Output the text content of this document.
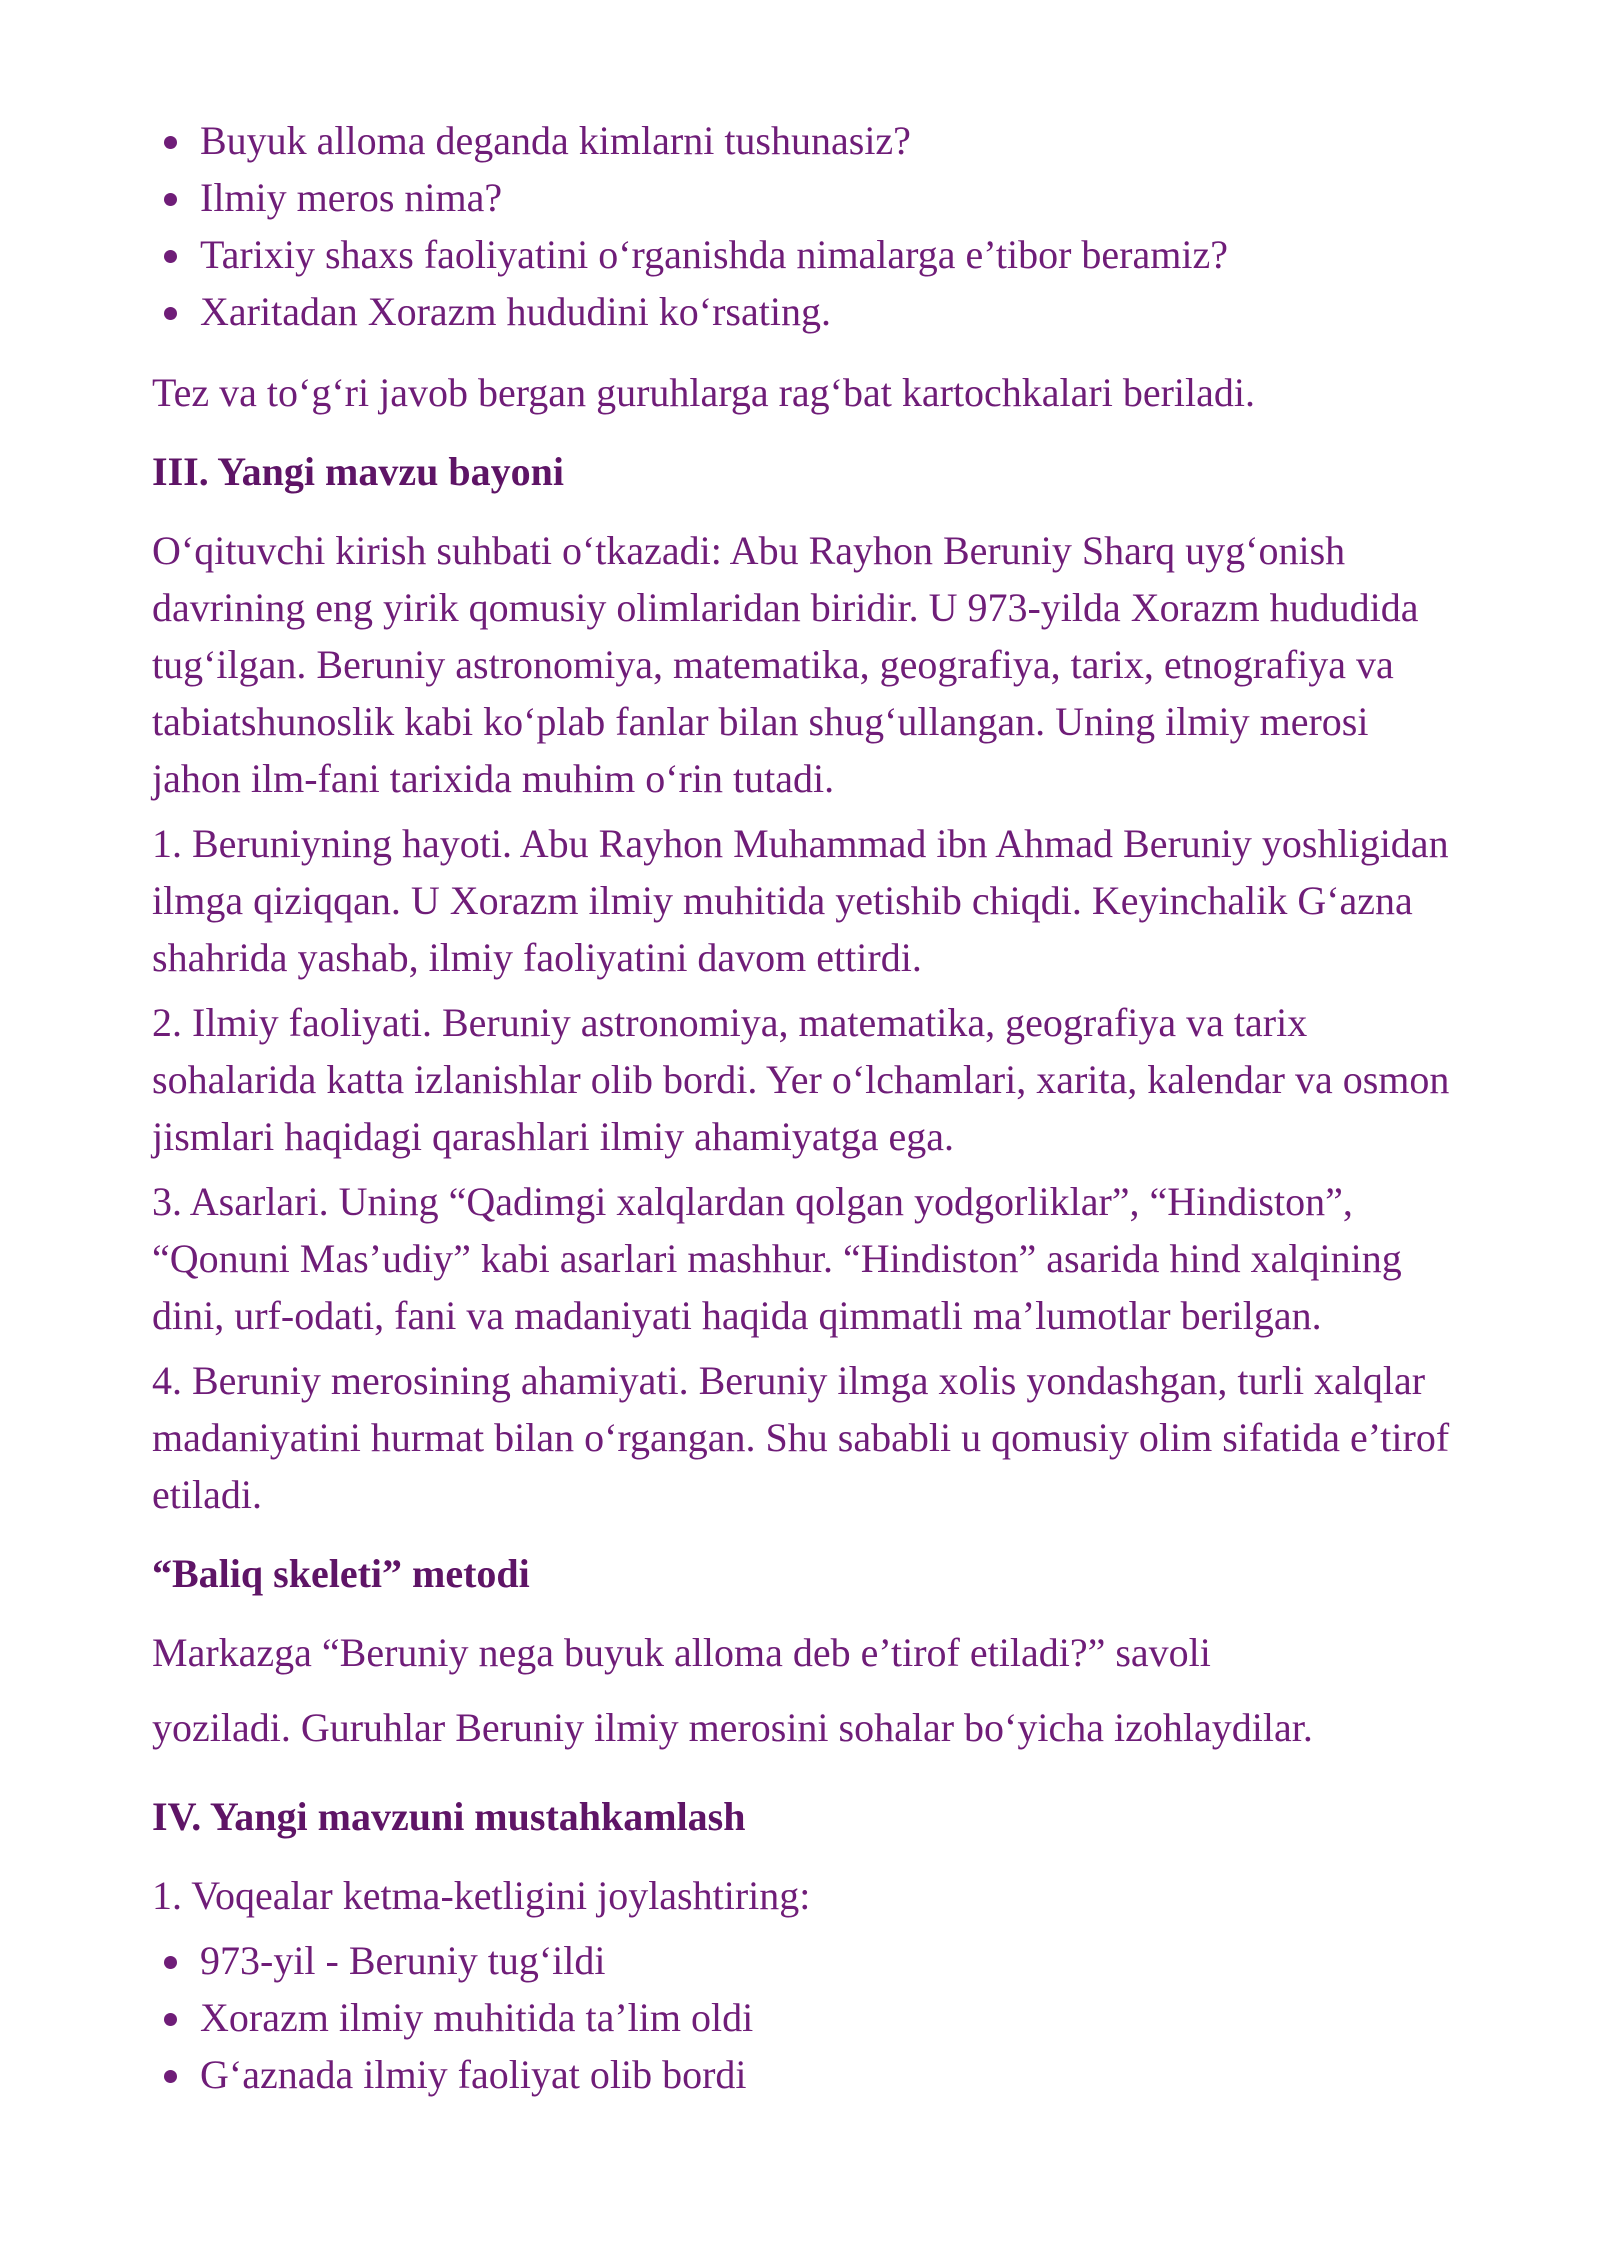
Buyuk alloma deganda kimlarni tushunasiz?
Ilmiy meros nima?
Tarixiy shaxs faoliyatini o‘rganishda nimalarga e’tibor beramiz?
Xaritadan Xorazm hududini ko‘rsating.

Tez va to‘g‘ri javob bergan guruhlarga rag‘bat kartochkalari beriladi.

III. Yangi mavzu bayoni

O‘qituvchi kirish suhbati o‘tkazadi: Abu Rayhon Beruniy Sharq uyg‘onish davrining eng yirik qomusiy olimlaridan biridir. U 973-yilda Xorazm hududida tug‘ilgan. Beruniy astronomiya, matematika, geografiya, tarix, etnografiya va tabiatshunoslik kabi ko‘plab fanlar bilan shug‘ullangan. Uning ilmiy merosi jahon ilm-fani tarixida muhim o‘rin tutadi.

1. Beruniyning hayoti. Abu Rayhon Muhammad ibn Ahmad Beruniy yoshligidan ilmga qiziqqan. U Xorazm ilmiy muhitida yetishib chiqdi. Keyinchalik G‘azna shahrida yashab, ilmiy faoliyatini davom ettirdi.

2. Ilmiy faoliyati. Beruniy astronomiya, matematika, geografiya va tarix sohalarida katta izlanishlar olib bordi. Yer o‘lchamlari, xarita, kalendar va osmon jismlari haqidagi qarashlari ilmiy ahamiyatga ega.

3. Asarlari. Uning “Qadimgi xalqlardan qolgan yodgorliklar”, “Hindiston”, “Qonuni Mas’udiy” kabi asarlari mashhur. “Hindiston” asarida hind xalqining dini, urf-odati, fani va madaniyati haqida qimmatli ma’lumotlar berilgan.

4. Beruniy merosining ahamiyati. Beruniy ilmga xolis yondashgan, turli xalqlar madaniyatini hurmat bilan o‘rgangan. Shu sababli u qomusiy olim sifatida e’tirof etiladi.

“Baliq skeleti” metodi

Markazga “Beruniy nega buyuk alloma deb e’tirof etiladi?” savoli

yoziladi. Guruhlar Beruniy ilmiy merosini sohalar bo‘yicha izohlaydilar.

IV. Yangi mavzuni mustahkamlash

1. Voqealar ketma-ketligini joylashtiring:

973-yil - Beruniy tug‘ildi
Xorazm ilmiy muhitida ta’lim oldi
G‘aznada ilmiy faoliyat olib bordi
